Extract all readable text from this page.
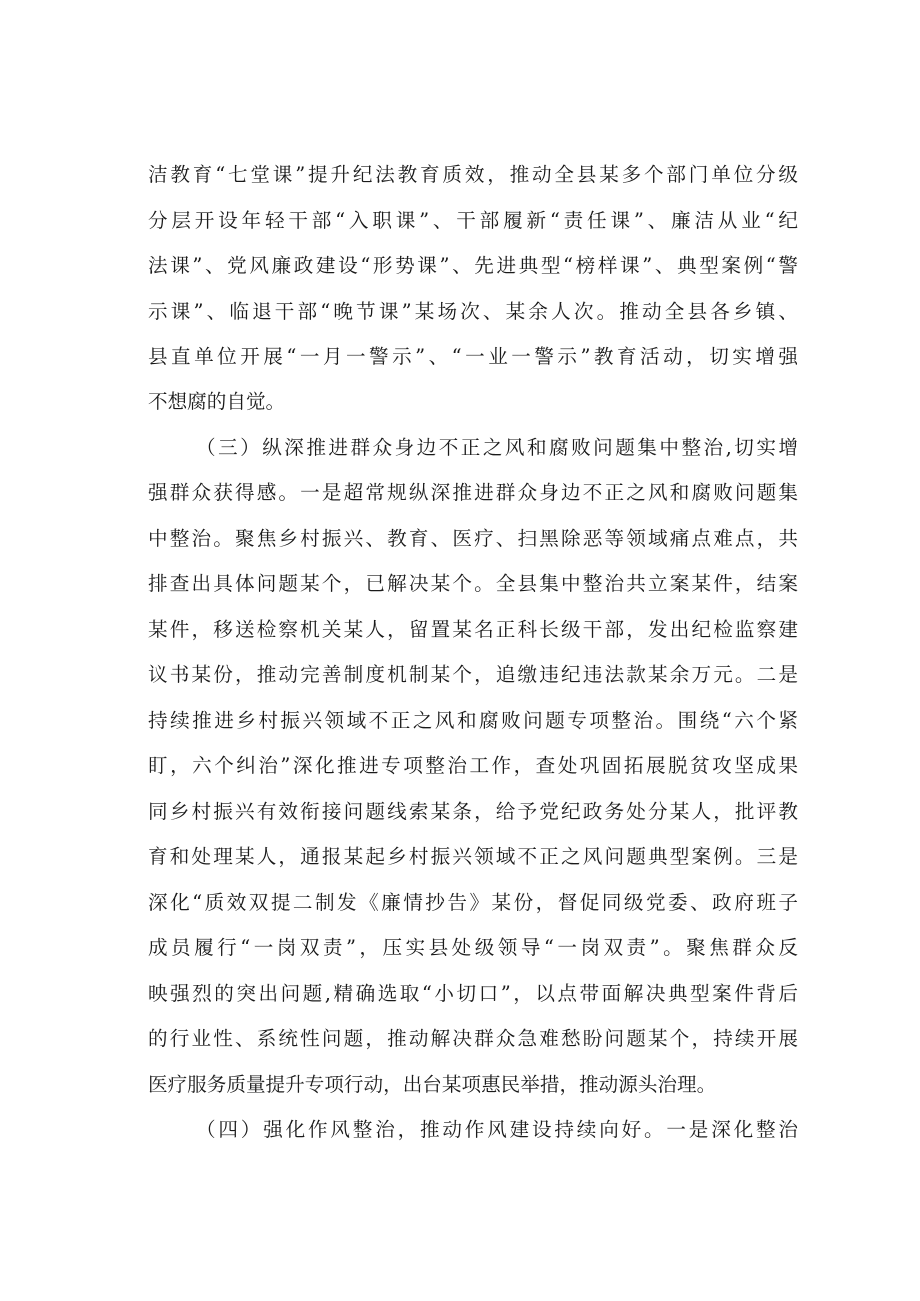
洁教育“七堂课”提升纪法教育质效，推动全县某多个部门单位分级
分层开设年轻干部“入职课”、干部履新“责任课”、廉洁从业“纪
法课”、党风廉政建设“形势课”、先进典型“榜样课”、典型案例“警
示课”、临退干部“晚节课”某场次、某余人次。推动全县各乡镇、
县直单位开展“一月一警示”、“一业一警示”教育活动，切实增强
不想腐的自觉。
（三）纵深推进群众身边不正之风和腐败问题集中整治,切实增
强群众获得感。一是超常规纵深推进群众身边不正之风和腐败问题集
中整治。聚焦乡村振兴、教育、医疗、扫黑除恶等领域痛点难点，共
排查出具体问题某个，已解决某个。全县集中整治共立案某件，结案
某件，移送检察机关某人，留置某名正科长级干部，发出纪检监察建
议书某份，推动完善制度机制某个，追缴违纪违法款某余万元。二是
持续推进乡村振兴领域不正之风和腐败问题专项整治。围绕“六个紧
盯，六个纠治”深化推进专项整治工作，查处巩固拓展脱贫攻坚成果
同乡村振兴有效衔接问题线索某条，给予党纪政务处分某人，批评教
育和处理某人，通报某起乡村振兴领域不正之风问题典型案例。三是
深化“质效双提二制发《廉情抄告》某份，督促同级党委、政府班子
成员履行“一岗双责”，压实县处级领导“一岗双责”。聚焦群众反
映强烈的突出问题,精确选取“小切口”，以点带面解决典型案件背后
的行业性、系统性问题，推动解决群众急难愁盼问题某个，持续开展
医疗服务质量提升专项行动，出台某项惠民举措，推动源头治理。
（四）强化作风整治，推动作风建设持续向好。一是深化整治
